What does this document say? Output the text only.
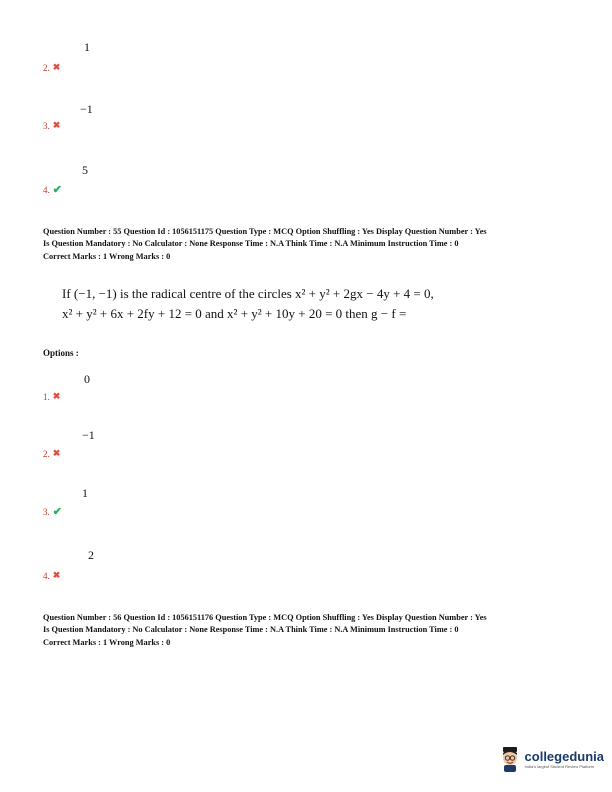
1
2. ✖
−1
3. ✖
5
4. ✔
Question Number : 55 Question Id : 1056151175 Question Type : MCQ Option Shuffling : Yes Display Question Number : Yes
Is Question Mandatory : No Calculator : None Response Time : N.A Think Time : N.A Minimum Instruction Time : 0
Correct Marks : 1 Wrong Marks : 0
If (−1, −1) is the radical centre of the circles x² + y² + 2gx − 4y + 4 = 0,
x² + y² + 6x + 2fy + 12 = 0 and x² + y² + 10y + 20 = 0 then g − f =
Options :
0
1. ✖
−1
2. ✖
1
3. ✔
2
4. ✖
Question Number : 56 Question Id : 1056151176 Question Type : MCQ Option Shuffling : Yes Display Question Number : Yes
Is Question Mandatory : No Calculator : None Response Time : N.A Think Time : N.A Minimum Instruction Time : 0
Correct Marks : 1 Wrong Marks : 0
collegedunia
India's largest Student Review Platform
